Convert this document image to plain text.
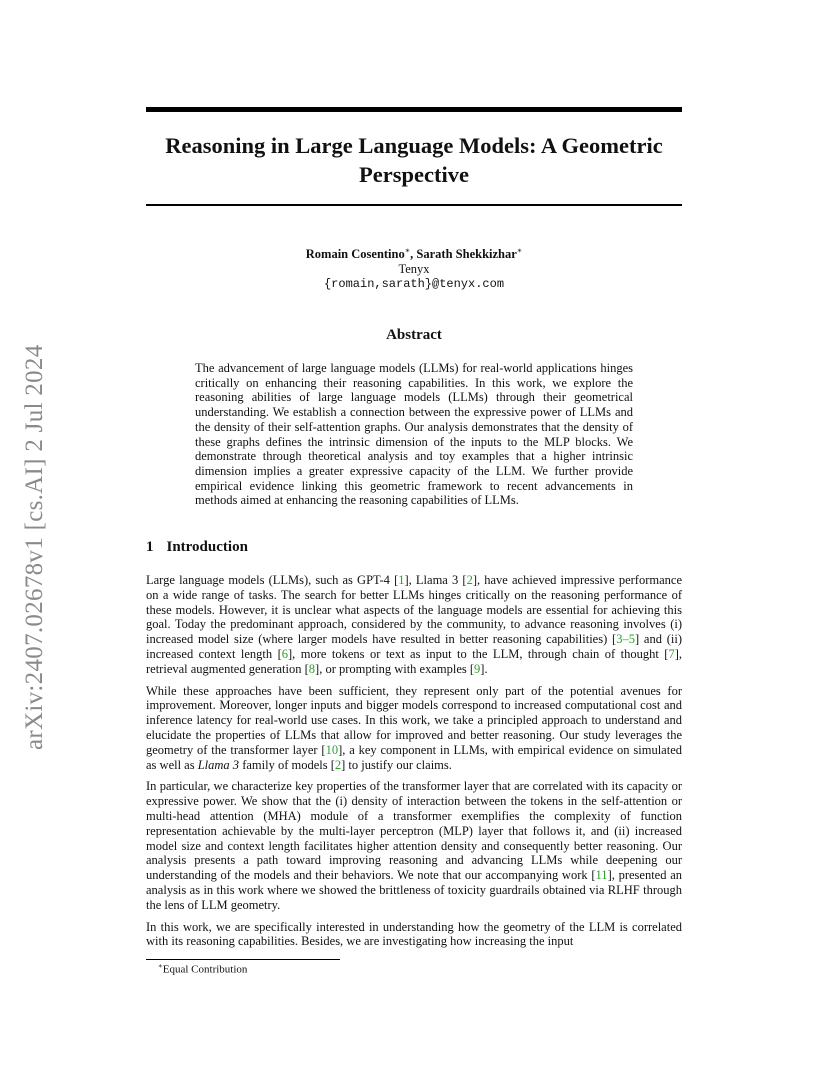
arXiv:2407.02678v1 [cs.AI] 2 Jul 2024
Reasoning in Large Language Models: A Geometric Perspective
Romain Cosentino∗, Sarath Shekkizhar∗
Tenyx
{romain,sarath}@tenyx.com
Abstract
The advancement of large language models (LLMs) for real-world applications hinges critically on enhancing their reasoning capabilities. In this work, we explore the reasoning abilities of large language models (LLMs) through their geometrical understanding. We establish a connection between the expressive power of LLMs and the density of their self-attention graphs. Our analysis demonstrates that the density of these graphs defines the intrinsic dimension of the inputs to the MLP blocks. We demonstrate through theoretical analysis and toy examples that a higher intrinsic dimension implies a greater expressive capacity of the LLM. We further provide empirical evidence linking this geometric framework to recent advancements in methods aimed at enhancing the reasoning capabilities of LLMs.
1 Introduction

Large language models (LLMs), such as GPT-4 [1], Llama 3 [2], have achieved impressive performance on a wide range of tasks. The search for better LLMs hinges critically on the reasoning performance of these models. However, it is unclear what aspects of the language models are essential for achieving this goal. Today the predominant approach, considered by the community, to advance reasoning involves (i) increased model size (where larger models have resulted in better reasoning capabilities) [3–5] and (ii) increased context length [6], more tokens or text as input to the LLM, through chain of thought [7], retrieval augmented generation [8], or prompting with examples [9].

While these approaches have been sufficient, they represent only part of the potential avenues for improvement. Moreover, longer inputs and bigger models correspond to increased computational cost and inference latency for real-world use cases. In this work, we take a principled approach to understand and elucidate the properties of LLMs that allow for improved and better reasoning. Our study leverages the geometry of the transformer layer [10], a key component in LLMs, with empirical evidence on simulated as well as Llama 3 family of models [2] to justify our claims.

In particular, we characterize key properties of the transformer layer that are correlated with its capacity or expressive power. We show that the (i) density of interaction between the tokens in the self-attention or multi-head attention (MHA) module of a transformer exemplifies the complexity of function representation achievable by the multi-layer perceptron (MLP) layer that follows it, and (ii) increased model size and context length facilitates higher attention density and consequently better reasoning. Our analysis presents a path toward improving reasoning and advancing LLMs while deepening our understanding of the models and their behaviors. We note that our accompanying work [11], presented an analysis as in this work where we showed the brittleness of toxicity guardrails obtained via RLHF through the lens of LLM geometry.

In this work, we are specifically interested in understanding how the geometry of the LLM is correlated with its reasoning capabilities. Besides, we are investigating how increasing the input

∗Equal Contribution
